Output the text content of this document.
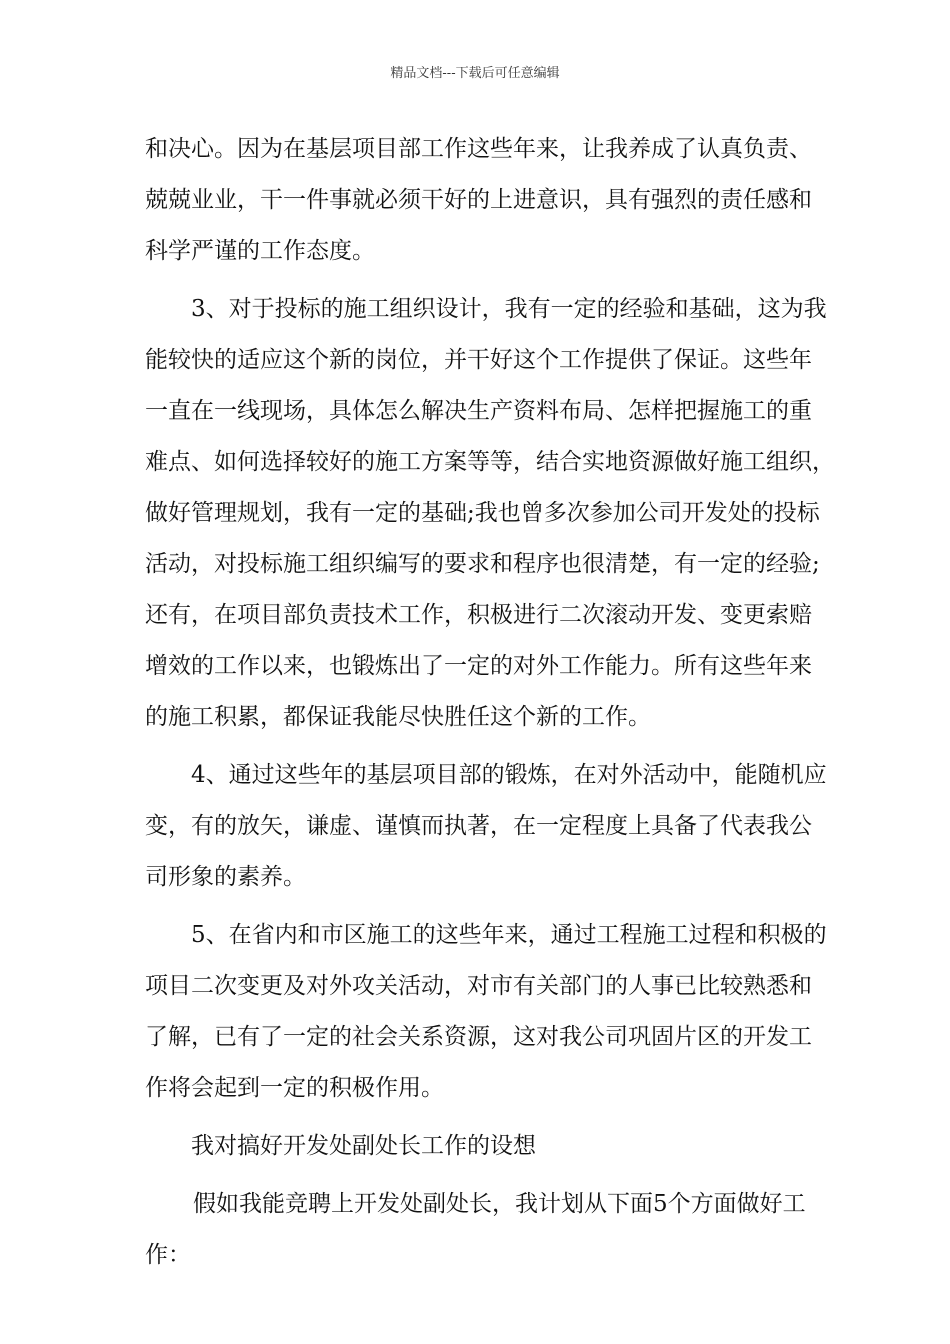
精品文档---下载后可任意编辑
和决心。因为在基层项目部工作这些年来，让我养成了认真负责、
兢兢业业，干一件事就必须干好的上进意识，具有强烈的责任感和
科学严谨的工作态度。
3、对于投标的施工组织设计，我有一定的经验和基础，这为我
能较快的适应这个新的岗位，并干好这个工作提供了保证。这些年
一直在一线现场，具体怎么解决生产资料布局、怎样把握施工的重
难点、如何选择较好的施工方案等等，结合实地资源做好施工组织，
做好管理规划，我有一定的基础;我也曾多次参加公司开发处的投标
活动，对投标施工组织编写的要求和程序也很清楚，有一定的经验;
还有，在项目部负责技术工作，积极进行二次滚动开发、变更索赔
增效的工作以来，也锻炼出了一定的对外工作能力。所有这些年来
的施工积累，都保证我能尽快胜任这个新的工作。
4、通过这些年的基层项目部的锻炼，在对外活动中，能随机应
变，有的放矢，谦虚、谨慎而执著，在一定程度上具备了代表我公
司形象的素养。
5、在省内和市区施工的这些年来，通过工程施工过程和积极的
项目二次变更及对外攻关活动，对市有关部门的人事已比较熟悉和
了解，已有了一定的社会关系资源，这对我公司巩固片区的开发工
作将会起到一定的积极作用。
我对搞好开发处副处长工作的设想
假如我能竞聘上开发处副处长，我计划从下面5个方面做好工
作：
